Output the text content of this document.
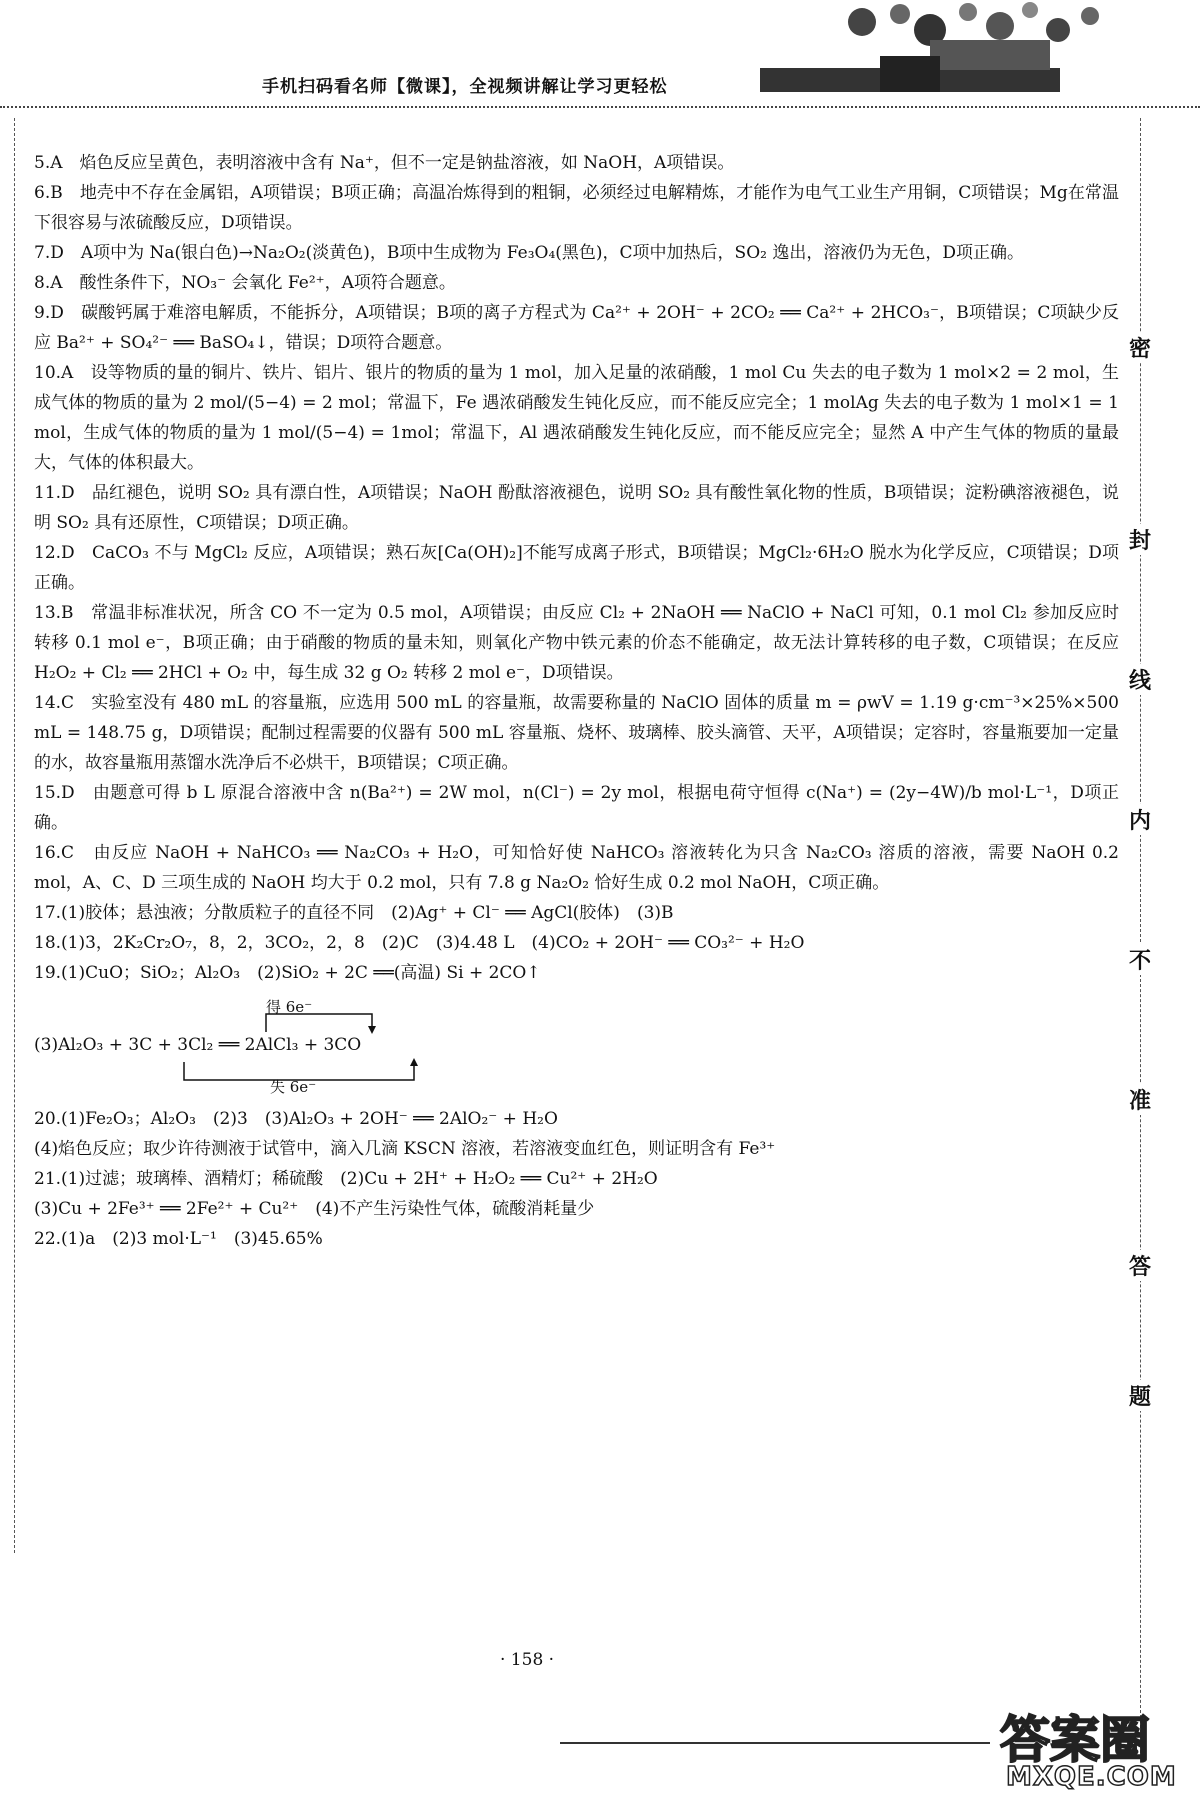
手机扫码看名师【微课】，全视频讲解让学习更轻松
密
封
线
内
不
准
答
题
5.A　焰色反应呈黄色，表明溶液中含有 Na⁺，但不一定是钠盐溶液，如 NaOH，A项错误。
6.B　地壳中不存在金属铝，A项错误；B项正确；高温冶炼得到的粗铜，必须经过电解精炼，才能作为电气工业生产用铜，C项错误；Mg在常温下很容易与浓硫酸反应，D项错误。
7.D　A项中为 Na(银白色)→Na₂O₂(淡黄色)，B项中生成物为 Fe₃O₄(黑色)，C项中加热后，SO₂ 逸出，溶液仍为无色，D项正确。
8.A　酸性条件下，NO₃⁻ 会氧化 Fe²⁺，A项符合题意。
9.D　碳酸钙属于难溶电解质，不能拆分，A项错误；B项的离子方程式为 Ca²⁺ + 2OH⁻ + 2CO₂ ══ Ca²⁺ + 2HCO₃⁻，B项错误；C项缺少反应 Ba²⁺ + SO₄²⁻ ══ BaSO₄↓，错误；D项符合题意。
10.A　设等物质的量的铜片、铁片、铝片、银片的物质的量为 1 mol，加入足量的浓硝酸，1 mol Cu 失去的电子数为 1 mol×2 = 2 mol，生成气体的物质的量为 2 mol/(5−4) = 2 mol；常温下，Fe 遇浓硝酸发生钝化反应，而不能反应完全；1 molAg 失去的电子数为 1 mol×1 = 1 mol，生成气体的物质的量为 1 mol/(5−4) = 1mol；常温下，Al 遇浓硝酸发生钝化反应，而不能反应完全；显然 A 中产生气体的物质的量最大，气体的体积最大。
11.D　品红褪色，说明 SO₂ 具有漂白性，A项错误；NaOH 酚酞溶液褪色，说明 SO₂ 具有酸性氧化物的性质，B项错误；淀粉碘溶液褪色，说明 SO₂ 具有还原性，C项错误；D项正确。
12.D　CaCO₃ 不与 MgCl₂ 反应，A项错误；熟石灰[Ca(OH)₂]不能写成离子形式，B项错误；MgCl₂·6H₂O 脱水为化学反应，C项错误；D项正确。
13.B　常温非标准状况，所含 CO 不一定为 0.5 mol，A项错误；由反应 Cl₂ + 2NaOH ══ NaClO + NaCl 可知，0.1 mol Cl₂ 参加反应时转移 0.1 mol e⁻，B项正确；由于硝酸的物质的量未知，则氧化产物中铁元素的价态不能确定，故无法计算转移的电子数，C项错误；在反应 H₂O₂ + Cl₂ ══ 2HCl + O₂ 中，每生成 32 g O₂ 转移 2 mol e⁻，D项错误。
14.C　实验室没有 480 mL 的容量瓶，应选用 500 mL 的容量瓶，故需要称量的 NaClO 固体的质量 m = ρwV = 1.19 g·cm⁻³×25%×500 mL = 148.75 g，D项错误；配制过程需要的仪器有 500 mL 容量瓶、烧杯、玻璃棒、胶头滴管、天平，A项错误；定容时，容量瓶要加一定量的水，故容量瓶用蒸馏水洗净后不必烘干，B项错误；C项正确。
15.D　由题意可得 b L 原混合溶液中含 n(Ba²⁺) = 2W mol，n(Cl⁻) = 2y mol，根据电荷守恒得 c(Na⁺) = (2y−4W)/b mol·L⁻¹，D项正确。
16.C　由反应 NaOH + NaHCO₃ ══ Na₂CO₃ + H₂O，可知恰好使 NaHCO₃ 溶液转化为只含 Na₂CO₃ 溶质的溶液，需要 NaOH 0.2 mol，A、C、D 三项生成的 NaOH 均大于 0.2 mol，只有 7.8 g Na₂O₂ 恰好生成 0.2 mol NaOH，C项正确。
17.(1)胶体；悬浊液；分散质粒子的直径不同　(2)Ag⁺ + Cl⁻ ══ AgCl(胶体)　(3)B
18.(1)3，2K₂Cr₂O₇，8，2，3CO₂，2，8　(2)C　(3)4.48 L　(4)CO₂ + 2OH⁻ ══ CO₃²⁻ + H₂O
19.(1)CuO；SiO₂；Al₂O₃　(2)SiO₂ + 2C ══(高温) Si + 2CO↑
得 6e⁻
(3)Al₂O₃ + 3C + 3Cl₂ ══ 2AlCl₃ + 3CO
失 6e⁻
20.(1)Fe₂O₃；Al₂O₃　(2)3　(3)Al₂O₃ + 2OH⁻ ══ 2AlO₂⁻ + H₂O
(4)焰色反应；取少许待测液于试管中，滴入几滴 KSCN 溶液，若溶液变血红色，则证明含有 Fe³⁺
21.(1)过滤；玻璃棒、酒精灯；稀硫酸　(2)Cu + 2H⁺ + H₂O₂ ══ Cu²⁺ + 2H₂O
(3)Cu + 2Fe³⁺ ══ 2Fe²⁺ + Cu²⁺　(4)不产生污染性气体，硫酸消耗量少
22.(1)a　(2)3 mol·L⁻¹　(3)45.65%
· 158 ·
答案圈
MXQE.COM
